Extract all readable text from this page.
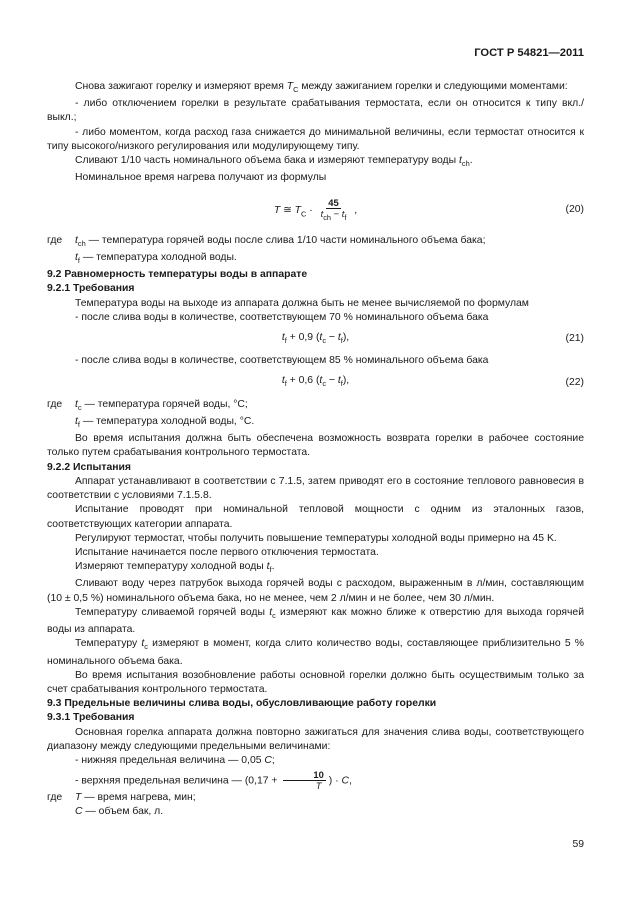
ГОСТ Р 54821—2011

Снова зажигают горелку и измеряют время $T_C$ между зажиганием горелки и следующими моментами:

- либо отключением горелки в результате срабатывания термостата, если он относится к типу вкл./выкл.;

- либо моментом, когда расход газа снижается до минимальной величины, если термостат относится к типу высокого/низкого регулирования или модулирующему типу.

Сливают 1/10 часть номинального объема бака и измеряют температуру воды $t_{ch}$.

Номинальное время нагрева получают из формулы

T ≅ $T_C \cdot \frac{45}{t_{ch} - t_f}$ ,	(20)
где	$t_{ch}$ — температура горячей воды после слива 1/10 части номинального объема бака;
$t_f$ — температура холодной воды.

9.2 Равномерность температуры воды в аппарате

9.2.1 Требования

Температура воды на выходе из аппарата должна быть не менее вычисляемой по формулам

- после слива воды в количестве, соответствующем 70 % номинального объема бака

$t_f + 0,9$ $(t_c - t_f)$,	(21)

- после слива воды в количестве, соответствующем 85 % номинального объема бака

$t_f + 0,6$ $(t_c - t_f)$,	(22)
где	$t_c$ — температура горячей воды, °С;
$t_f$ — температура холодной воды, °С.

Во время испытания должна быть обеспечена возможность возврата горелки в рабочее состояние только путем срабатывания контрольного термостата.

9.2.2 Испытания

Аппарат устанавливают в соответствии с 7.1.5, затем приводят его в состояние теплового равновесия в соответствии с условиями 7.1.5.8.

Испытание проводят при номинальной тепловой мощности с одним из эталонных газов, соответствующих категории аппарата.

Регулируют термостат, чтобы получить повышение температуры холодной воды примерно на 45 K.

Испытание начинается после первого отключения термостата.

Измеряют температуру холодной воды $t_f$.

Сливают воду через патрубок выхода горячей воды с расходом, выраженным в л/мин, составляющим (10 ± 0,5 %) номинального объема бака, но не менее, чем 2 л/мин и не более, чем 30 л/мин.

Температуру сливаемой горячей воды $t_c$ измеряют как можно ближе к отверстию для выхода горячей воды из аппарата.

Температуру $t_c$ измеряют в момент, когда слито количество воды, составляющее приблизительно 5 % номинального объема бака.

Во время испытания возобновление работы основной горелки должно быть осуществимым только за счет срабатывания контрольного термостата.

9.3 Предельные величины слива воды, обусловливающие работу горелки

9.3.1 Требования

Основная горелка аппарата должна повторно зажигаться для значения слива воды, соответствующего диапазону между следующими предельными величинами:

- нижняя предельная величина — 0,05 C;

- верхняя предельная величина — ($0,17 + \frac{10}{T}$ ) · C,

где	T — время нагрева, мин;
C — объем бак, л.
59
